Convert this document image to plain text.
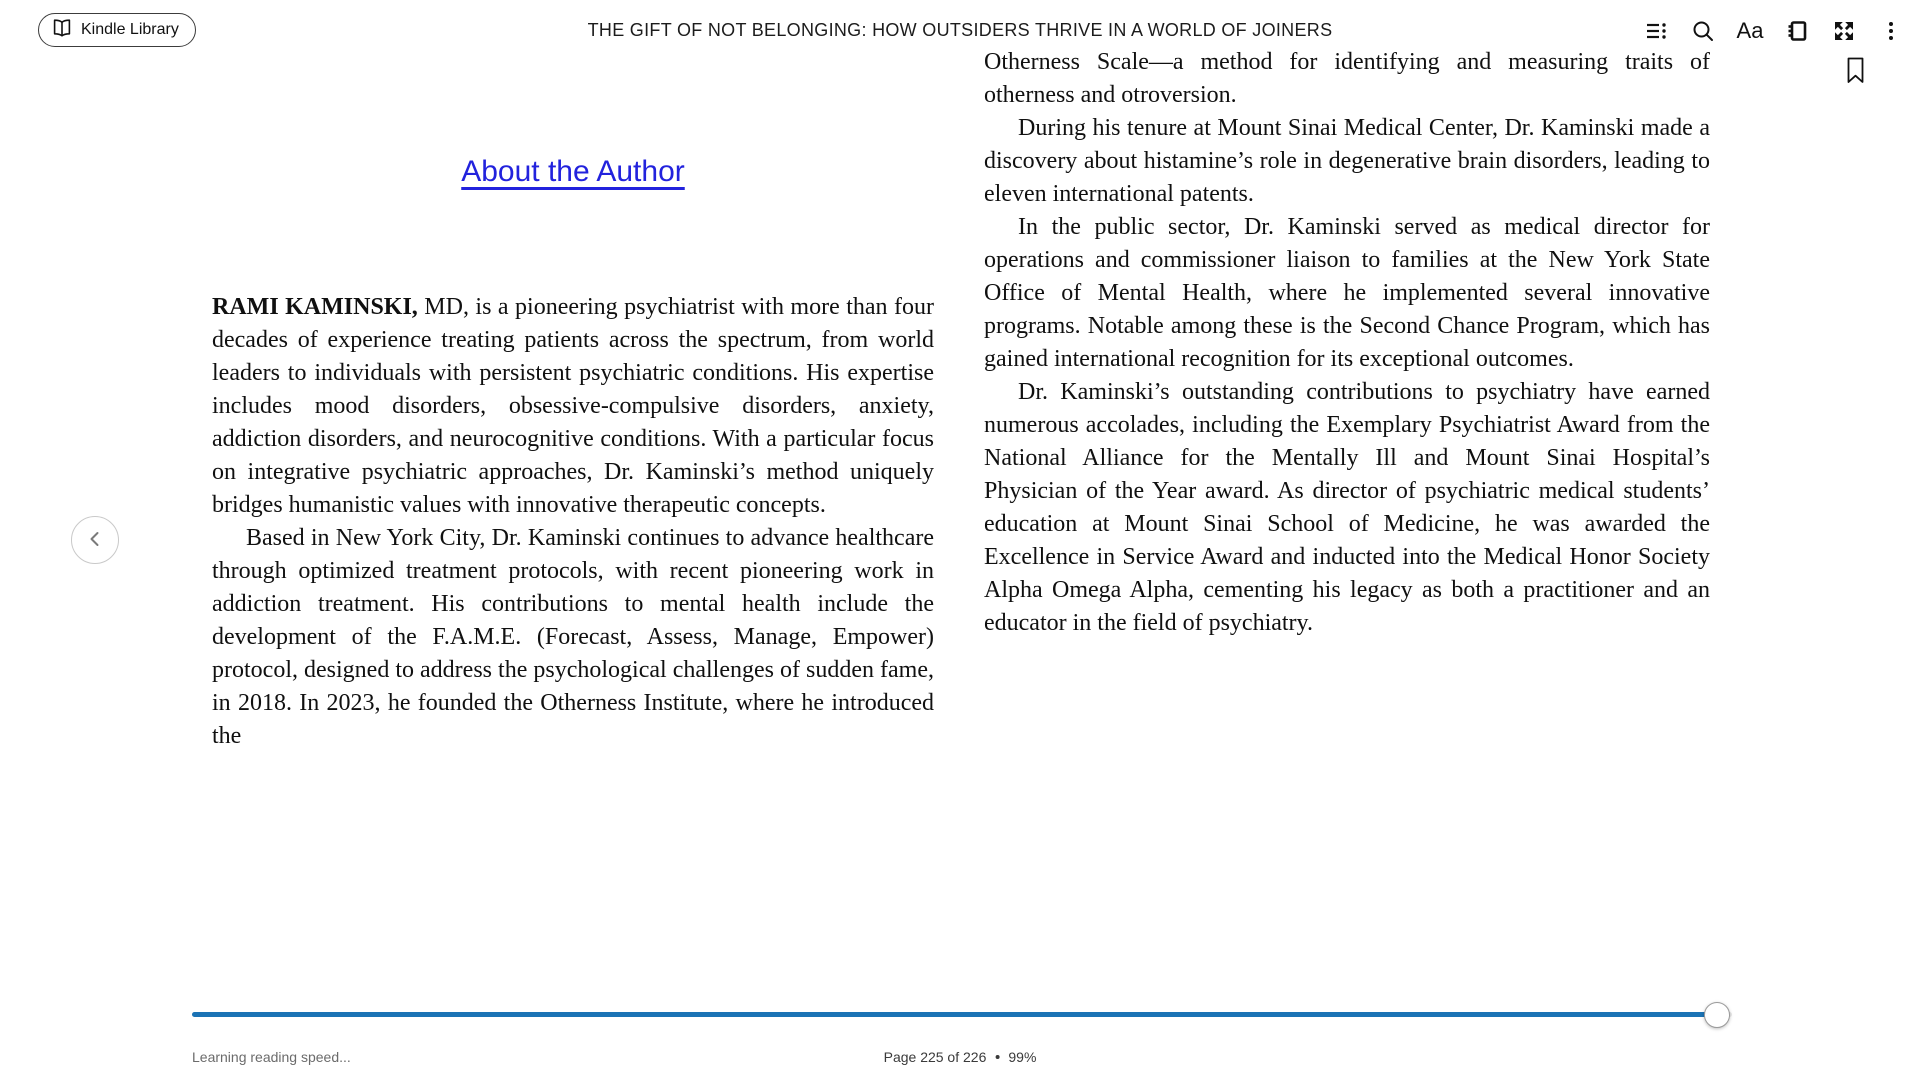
Kindle Library	THE GIFT OF NOT BELONGING: HOW OUTSIDERS THRIVE IN A WORLD OF JOINERS	Aa
About the Author

RAMI KAMINSKI, MD, is a pioneering psychiatrist with more than four decades of experience treating patients across the spectrum, from world leaders to individuals with persistent psychiatric conditions. His expertise includes mood disorders, obsessive-compulsive disorders, anxiety, addiction disorders, and neurocognitive conditions. With a particular focus on integrative psychiatric approaches, Dr. Kaminski’s method uniquely bridges humanistic values with innovative therapeutic concepts.

Based in New York City, Dr. Kaminski continues to advance healthcare through optimized treatment protocols, with recent pioneering work in addiction treatment. His contributions to mental health include the development of the F.A.M.E. (Forecast, Assess, Manage, Empower) protocol, designed to address the psychological challenges of sudden fame, in 2018. In 2023, he founded the Otherness Institute, where he introduced the

Otherness Scale—a method for identifying and measuring traits of otherness and otroversion.

During his tenure at Mount Sinai Medical Center, Dr. Kaminski made a discovery about histamine’s role in degenerative brain disorders, leading to eleven international patents.

In the public sector, Dr. Kaminski served as medical director for operations and commissioner liaison to families at the New York State Office of Mental Health, where he implemented several innovative programs. Notable among these is the Second Chance Program, which has gained international recognition for its exceptional outcomes.

Dr. Kaminski’s outstanding contributions to psychiatry have earned numerous accolades, including the Exemplary Psychiatrist Award from the National Alliance for the Mentally Ill and Mount Sinai Hospital’s Physician of the Year award. As director of psychiatric medical students’ education at Mount Sinai School of Medicine, he was awarded the Excellence in Service Award and inducted into the Medical Honor Society Alpha Omega Alpha, cementing his legacy as both a practitioner and an educator in the field of psychiatry.

Learning reading speed...	Page 225 of 226 99%
